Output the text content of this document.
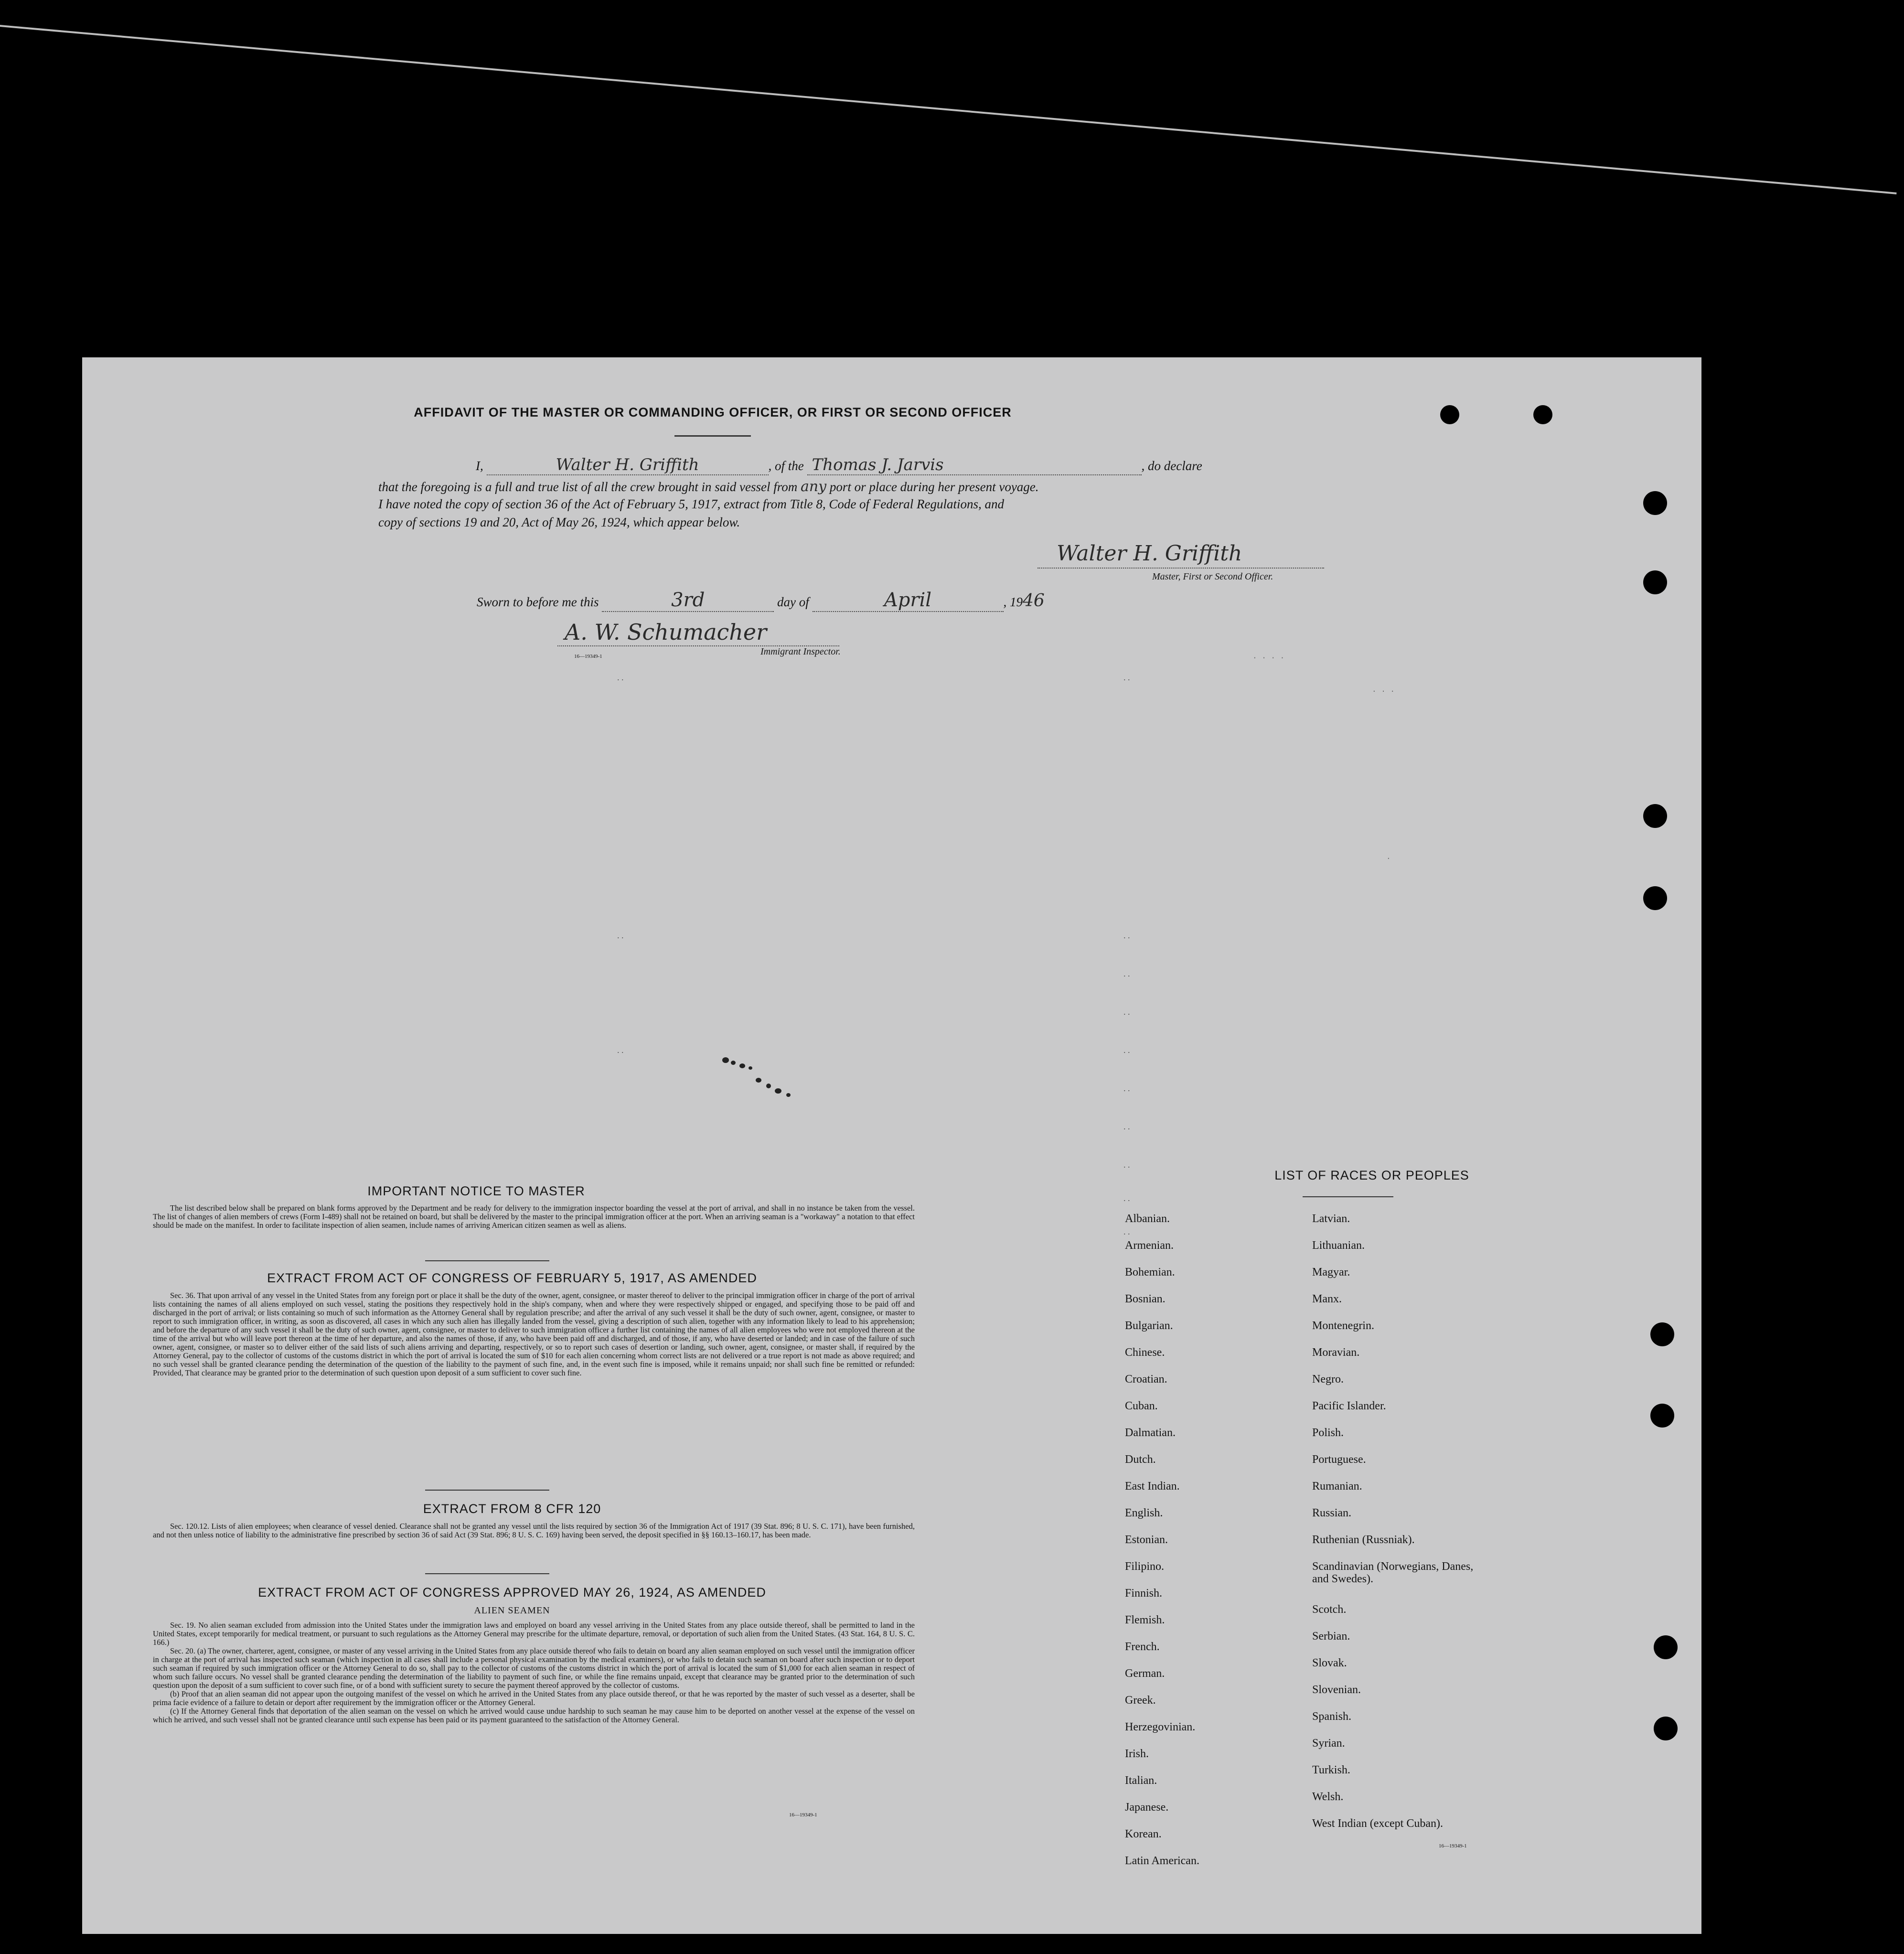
· · · ·
· · ·
·
. .	. .
. .	. .
. .
. .
. .
. .
. .
. .
. .
. .
. .
AFFIDAVIT OF THE MASTER OR COMMANDING OFFICER, OR FIRST OR SECOND OFFICER
I,	Walter H. Griffith	, of the Thomas J. Jarvis	, do declare
that the foregoing is a full and true list of all the crew brought in said vessel from any port or place during her present voyage.
I have noted the copy of section 36 of the Act of February 5, 1917, extract from Title 8, Code of Federal Regulations, and
copy of sections 19 and 20, Act of May 26, 1924, which appear below.
Walter H. Griffith
Master, First or Second Officer.
Sworn to before me this	3rd	day of	April	, 1946
A. W. Schumacher
Immigrant Inspector.
16—19349-1
IMPORTANT NOTICE TO MASTER
The list described below shall be prepared on blank forms approved by the Department and be ready for delivery to the immigration inspector boarding the vessel at the port of arrival, and shall in no instance be taken from the vessel. The list of changes of alien members of crews (Form I-489) shall not be retained on board, but shall be delivered by the master to the principal immigration officer at the port. When an arriving seaman is a "workaway" a notation to that effect should be made on the manifest. In order to facilitate inspection of alien seamen, include names of arriving American citizen seamen as well as aliens.
EXTRACT FROM ACT OF CONGRESS OF FEBRUARY 5, 1917, AS AMENDED
Sec. 36. That upon arrival of any vessel in the United States from any foreign port or place it shall be the duty of the owner, agent, consignee, or master thereof to deliver to the principal immigration officer in charge of the port of arrival lists containing the names of all aliens employed on such vessel, stating the positions they respectively hold in the ship's company, when and where they were respectively shipped or engaged, and specifying those to be paid off and discharged in the port of arrival; or lists containing so much of such information as the Attorney General shall by regulation prescribe; and after the arrival of any such vessel it shall be the duty of such owner, agent, consignee, or master to report to such immigration officer, in writing, as soon as discovered, all cases in which any such alien has illegally landed from the vessel, giving a description of such alien, together with any information likely to lead to his apprehension; and before the departure of any such vessel it shall be the duty of such owner, agent, consignee, or master to deliver to such immigration officer a further list containing the names of all alien employees who were not employed thereon at the time of the arrival but who will leave port thereon at the time of her departure, and also the names of those, if any, who have been paid off and discharged, and of those, if any, who have deserted or landed; and in case of the failure of such owner, agent, consignee, or master so to deliver either of the said lists of such aliens arriving and departing, respectively, or so to report such cases of desertion or landing, such owner, agent, consignee, or master shall, if required by the Attorney General, pay to the collector of customs of the customs district in which the port of arrival is located the sum of $10 for each alien concerning whom correct lists are not delivered or a true report is not made as above required; and no such vessel shall be granted clearance pending the determination of the question of the liability to the payment of such fine, and, in the event such fine is imposed, while it remains unpaid; nor shall such fine be remitted or refunded: Provided, That clearance may be granted prior to the determination of such question upon deposit of a sum sufficient to cover such fine.
EXTRACT FROM 8 CFR 120
Sec. 120.12. Lists of alien employees; when clearance of vessel denied. Clearance shall not be granted any vessel until the lists required by section 36 of the Immigration Act of 1917 (39 Stat. 896; 8 U. S. C. 171), have been furnished, and not then unless notice of liability to the administrative fine prescribed by section 36 of said Act (39 Stat. 896; 8 U. S. C. 169) having been served, the deposit specified in §§ 160.13–160.17, has been made.
EXTRACT FROM ACT OF CONGRESS APPROVED MAY 26, 1924, AS AMENDED
ALIEN SEAMEN
Sec. 19. No alien seaman excluded from admission into the United States under the immigration laws and employed on board any vessel arriving in the United States from any place outside thereof, shall be permitted to land in the United States, except temporarily for medical treatment, or pursuant to such regulations as the Attorney General may prescribe for the ultimate departure, removal, or deportation of such alien from the United States. (43 Stat. 164, 8 U. S. C. 166.)
Sec. 20. (a) The owner, charterer, agent, consignee, or master of any vessel arriving in the United States from any place outside thereof who fails to detain on board any alien seaman employed on such vessel until the immigration officer in charge at the port of arrival has inspected such seaman (which inspection in all cases shall include a personal physical examination by the medical examiners), or who fails to detain such seaman on board after such inspection or to deport such seaman if required by such immigration officer or the Attorney General to do so, shall pay to the collector of customs of the customs district in which the port of arrival is located the sum of $1,000 for each alien seaman in respect of whom such failure occurs. No vessel shall be granted clearance pending the determination of the liability to payment of such fine, or while the fine remains unpaid, except that clearance may be granted prior to the determination of such question upon the deposit of a sum sufficient to cover such fine, or of a bond with sufficient surety to secure the payment thereof approved by the collector of customs.
(b) Proof that an alien seaman did not appear upon the outgoing manifest of the vessel on which he arrived in the United States from any place outside thereof, or that he was reported by the master of such vessel as a deserter, shall be prima facie evidence of a failure to detain or deport after requirement by the immigration officer or the Attorney General.
(c) If the Attorney General finds that deportation of the alien seaman on the vessel on which he arrived would cause undue hardship to such seaman he may cause him to be deported on another vessel at the expense of the vessel on which he arrived, and such vessel shall not be granted clearance until such expense has been paid or its payment guaranteed to the satisfaction of the Attorney General.
16—19349-1
LIST OF RACES OR PEOPLES
Albanian.
Armenian.
Bohemian.
Bosnian.
Bulgarian.
Chinese.
Croatian.
Cuban.
Dalmatian.
Dutch.
East Indian.
English.
Estonian.
Filipino.
Finnish.
Flemish.
French.
German.
Greek.
Herzegovinian.
Irish.
Italian.
Japanese.
Korean.
Latin American.
Latvian.
Lithuanian.
Magyar.
Manx.
Montenegrin.
Moravian.
Negro.
Pacific Islander.
Polish.
Portuguese.
Rumanian.
Russian.
Ruthenian (Russniak).
Scandinavian (Norwegians, Danes, and Swedes).
Scotch.
Serbian.
Slovak.
Slovenian.
Spanish.
Syrian.
Turkish.
Welsh.
West Indian (except Cuban).
16—19349-1
